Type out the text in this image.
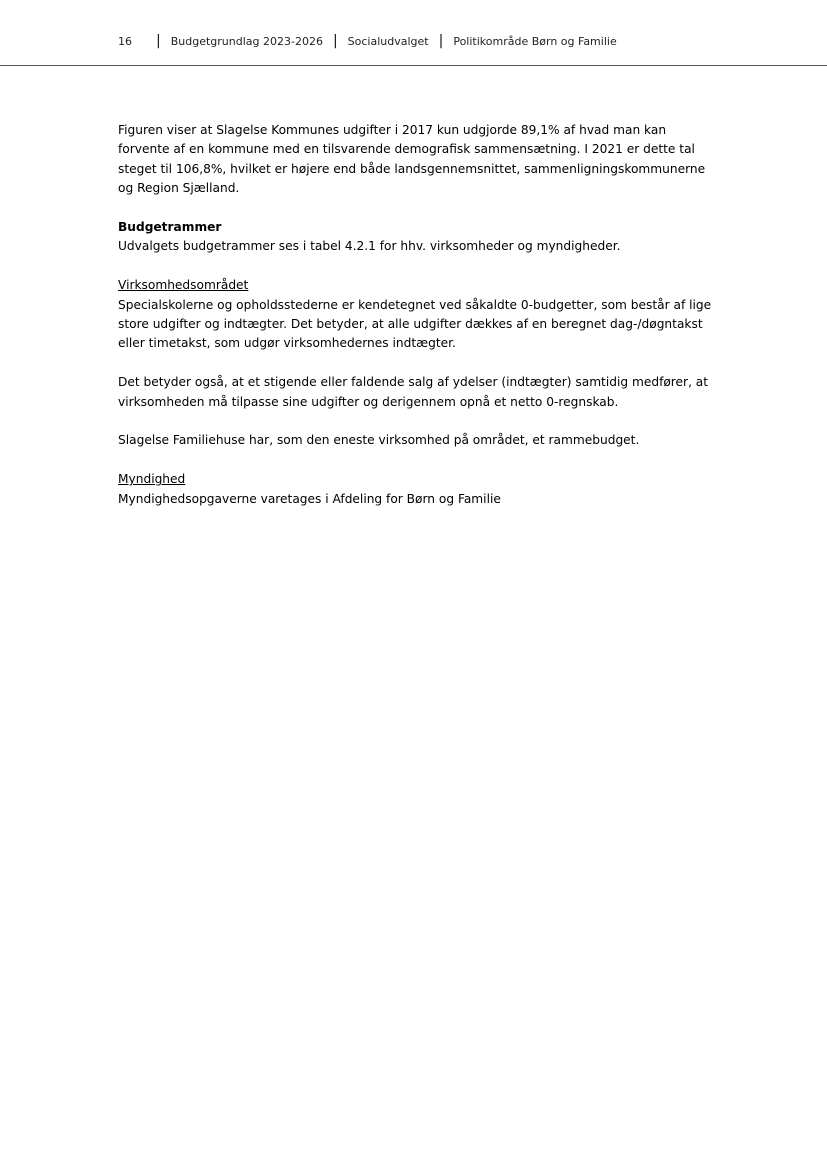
16 | Budgetgrundlag 2023-2026 | Socialudvalget | Politikområde Børn og Familie

Figuren viser at Slagelse Kommunes udgifter i 2017 kun udgjorde 89,1% af hvad man kan forvente af en kommune med en tilsvarende demografisk sammensætning. I 2021 er dette tal steget til 106,8%, hvilket er højere end både landsgennemsnittet, sammenligningskommunerne og Region Sjælland.

Budgetrammer
Udvalgets budgetrammer ses i tabel 4.2.1 for hhv. virksomheder og myndigheder.

Virksomhedsområdet
Specialskolerne og opholdsstederne er kendetegnet ved såkaldte 0-budgetter, som består af lige store udgifter og indtægter. Det betyder, at alle udgifter dækkes af en beregnet dag-/døgntakst eller timetakst, som udgør virksomhedernes indtægter.

Det betyder også, at et stigende eller faldende salg af ydelser (indtægter) samtidig medfører, at virksomheden må tilpasse sine udgifter og derigennem opnå et netto 0-regnskab.

Slagelse Familiehuse har, som den eneste virksomhed på området, et rammebudget.

Myndighed
Myndighedsopgaverne varetages i Afdeling for Børn og Familie
